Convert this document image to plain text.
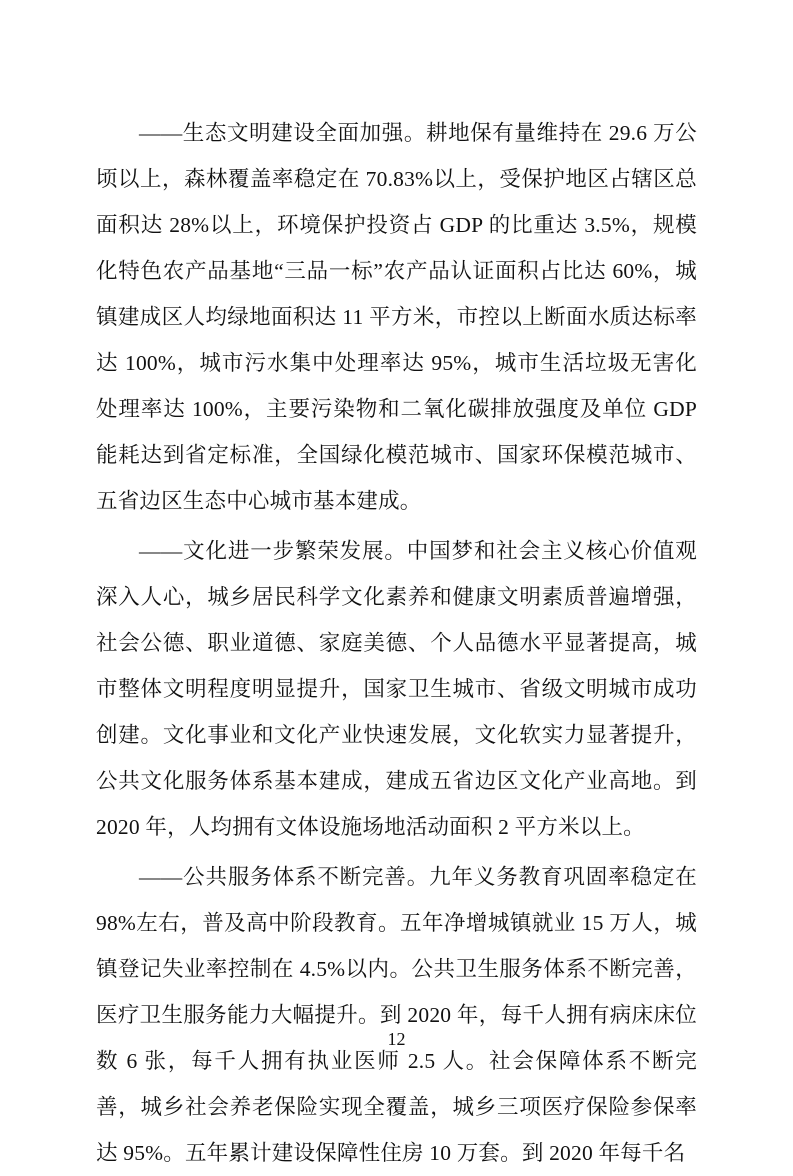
——生态文明建设全面加强。耕地保有量维持在 29.6 万公顷以上，森林覆盖率稳定在 70.83%以上，受保护地区占辖区总面积达 28%以上，环境保护投资占 GDP 的比重达 3.5%，规模化特色农产品基地“三品一标”农产品认证面积占比达 60%，城镇建成区人均绿地面积达 11 平方米，市控以上断面水质达标率达 100%，城市污水集中处理率达 95%，城市生活垃圾无害化处理率达 100%，主要污染物和二氧化碳排放强度及单位 GDP 能耗达到省定标准，全国绿化模范城市、国家环保模范城市、五省边区生态中心城市基本建成。

——文化进一步繁荣发展。中国梦和社会主义核心价值观深入人心，城乡居民科学文化素养和健康文明素质普遍增强，社会公德、职业道德、家庭美德、个人品德水平显著提高，城市整体文明程度明显提升，国家卫生城市、省级文明城市成功创建。文化事业和文化产业快速发展，文化软实力显著提升，公共文化服务体系基本建成，建成五省边区文化产业高地。到 2020 年，人均拥有文体设施场地活动面积 2 平方米以上。

——公共服务体系不断完善。九年义务教育巩固率稳定在 98%左右，普及高中阶段教育。五年净增城镇就业 15 万人，城镇登记失业率控制在 4.5%以内。公共卫生服务体系不断完善，医疗卫生服务能力大幅提升。到 2020 年，每千人拥有病床床位数 6 张，每千人拥有执业医师 2.5 人。社会保障体系不断完善，城乡社会养老保险实现全覆盖，城乡三项医疗保险参保率达 95%。五年累计建设保障性住房 10 万套。到 2020 年每千名

12
